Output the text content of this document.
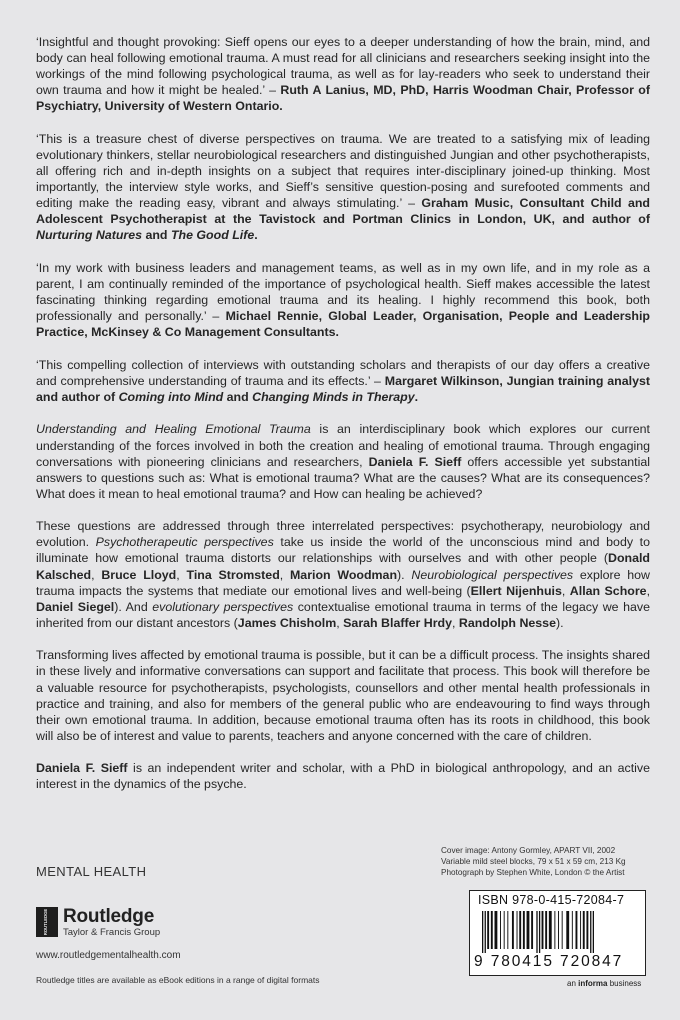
‘Insightful and thought provoking: Sieff opens our eyes to a deeper understanding of how the brain, mind, and body can heal following emotional trauma. A must read for all clinicians and researchers seeking insight into the workings of the mind following psychological trauma, as well as for lay-readers who seek to understand their own trauma and how it might be healed.’ – Ruth A Lanius, MD, PhD, Harris Woodman Chair, Professor of Psychiatry, University of Western Ontario.

‘This is a treasure chest of diverse perspectives on trauma. We are treated to a satisfying mix of leading evolutionary thinkers, stellar neurobiological researchers and distinguished Jungian and other psychotherapists, all offering rich and in-depth insights on a subject that requires inter-disciplinary joined-up thinking. Most importantly, the interview style works, and Sieff’s sensitive question-posing and surefooted comments and editing make the reading easy, vibrant and always stimulating.’ – Graham Music, Consultant Child and Adolescent Psychotherapist at the Tavistock and Portman Clinics in London, UK, and author of Nurturing Natures and The Good Life.

‘In my work with business leaders and management teams, as well as in my own life, and in my role as a parent, I am continually reminded of the importance of psychological health. Sieff makes accessible the latest fascinating thinking regarding emotional trauma and its healing. I highly recommend this book, both professionally and personally.’ – Michael Rennie, Global Leader, Organisation, People and Leadership Practice, McKinsey & Co Management Consultants.

‘This compelling collection of interviews with outstanding scholars and therapists of our day offers a creative and comprehensive understanding of trauma and its effects.’ – Margaret Wilkinson, Jungian training analyst and author of Coming into Mind and Changing Minds in Therapy.

Understanding and Healing Emotional Trauma is an interdisciplinary book which explores our current understanding of the forces involved in both the creation and healing of emotional trauma. Through engaging conversations with pioneering clinicians and researchers, Daniela F. Sieff offers accessible yet substantial answers to questions such as: What is emotional trauma? What are the causes? What are its consequences? What does it mean to heal emotional trauma? and How can healing be achieved?

These questions are addressed through three interrelated perspectives: psychotherapy, neurobiology and evolution. Psychotherapeutic perspectives take us inside the world of the unconscious mind and body to illuminate how emotional trauma distorts our relationships with ourselves and with other people (Donald Kalsched, Bruce Lloyd, Tina Stromsted, Marion Woodman). Neurobiological perspectives explore how trauma impacts the systems that mediate our emotional lives and well-being (Ellert Nijenhuis, Allan Schore, Daniel Siegel). And evolutionary perspectives contextualise emotional trauma in terms of the legacy we have inherited from our distant ancestors (James Chisholm, Sarah Blaffer Hrdy, Randolph Nesse).

Transforming lives affected by emotional trauma is possible, but it can be a difficult process. The insights shared in these lively and informative conversations can support and facilitate that process. This book will therefore be a valuable resource for psychotherapists, psychologists, counsellors and other mental health professionals in practice and training, and also for members of the general public who are endeavouring to find ways through their own emotional trauma. In addition, because emotional trauma often has its roots in childhood, this book will also be of interest and value to parents, teachers and anyone concerned with the care of children.

Daniela F. Sieff is an independent writer and scholar, with a PhD in biological anthropology, and an active interest in the dynamics of the psyche.

MENTAL HEALTH
Cover image: Antony Gormley, APART VII, 2002
Variable mild steel blocks, 79 x 51 x 59 cm, 213 Kg
Photograph by Stephen White, London © the Artist
ROUTLEDGE Routledge
Taylor & Francis Group
www.routledgementalhealth.com
Routledge titles are available as eBook editions in a range of digital formats
ISBN 978-0-415-72084-7
9 780415 720847
an informa business
